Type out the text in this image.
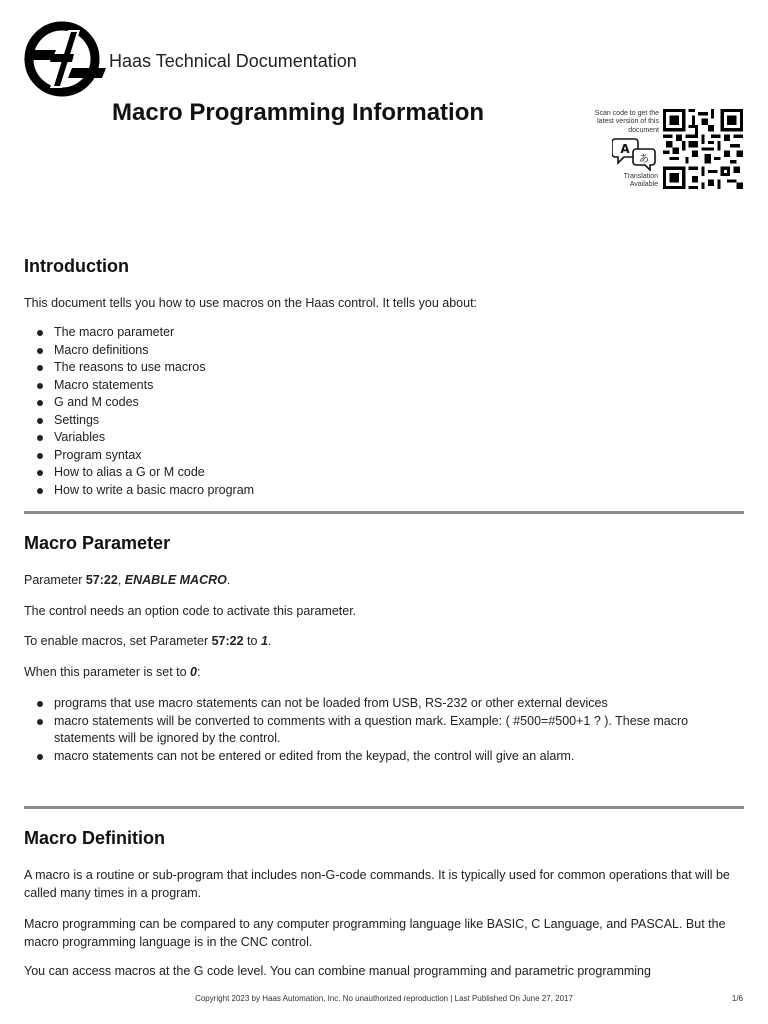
Haas Technical Documentation
Macro Programming Information	Scan code to get the latest version of this document
A
あ
Translation Available
Introduction
This document tells you how to use macros on the Haas control. It tells you about:
The macro parameter
Macro definitions
The reasons to use macros
Macro statements
G and M codes
Settings
Variables
Program syntax
How to alias a G or M code
How to write a basic macro program
Macro Parameter
Parameter 57:22, ENABLE MACRO.
The control needs an option code to activate this parameter.
To enable macros, set Parameter 57:22 to 1.
When this parameter is set to 0:
programs that use macro statements can not be loaded from USB, RS-232 or other external devices
macro statements will be converted to comments with a question mark. Example: ( #500=#500+1 ? ). These macro statements will be ignored by the control.
macro statements can not be entered or edited from the keypad, the control will give an alarm.
Macro Definition
A macro is a routine or sub-program that includes non-G-code commands. It is typically used for common operations that will be called many times in a program.
Macro programming can be compared to any computer programming language like BASIC, C Language, and PASCAL. But the macro programming language is in the CNC control.
You can access macros at the G code level. You can combine manual programming and parametric programming
Copyright 2023 by Haas Automation, Inc. No unauthorized reproduction | Last Published On June 27, 2017	1/6
